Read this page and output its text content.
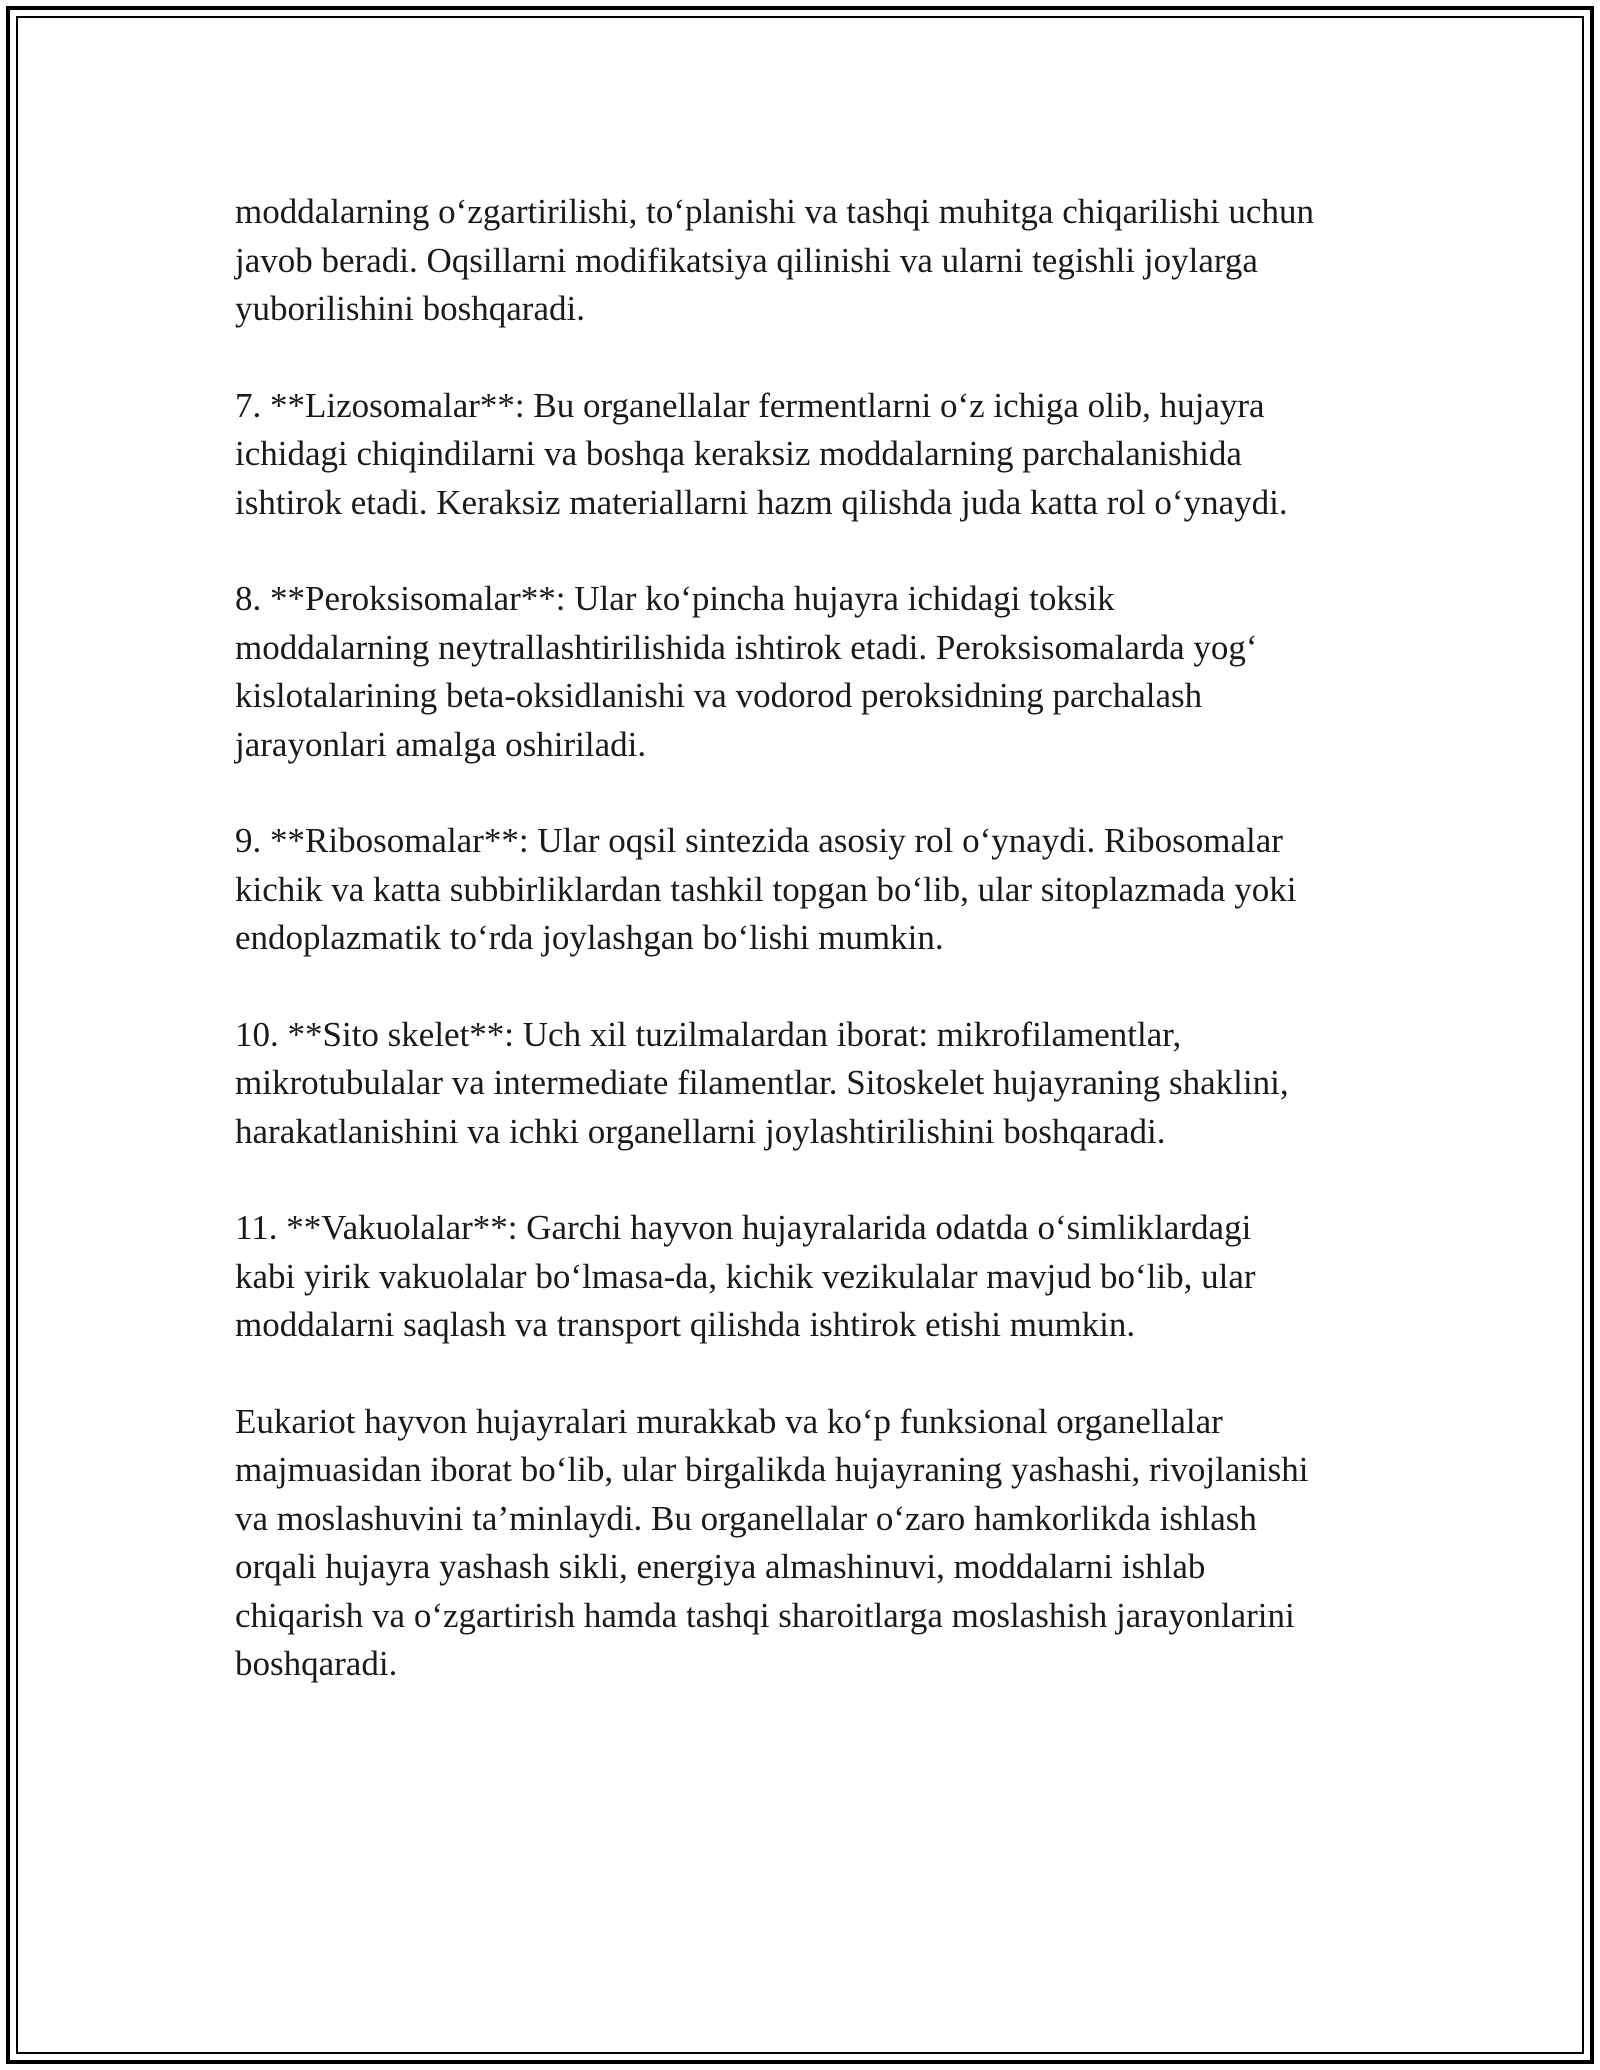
moddalarning o‘zgartirilishi, to‘planishi va tashqi muhitga chiqarilishi uchun
javob beradi. Oqsillarni modifikatsiya qilinishi va ularni tegishli joylarga
yuborilishini boshqaradi.

7. **Lizosomalar**: Bu organellalar fermentlarni o‘z ichiga olib, hujayra
ichidagi chiqindilarni va boshqa keraksiz moddalarning parchalanishida
ishtirok etadi. Keraksiz materiallarni hazm qilishda juda katta rol o‘ynaydi.

8. **Peroksisomalar**: Ular ko‘pincha hujayra ichidagi toksik
moddalarning neytrallashtirilishida ishtirok etadi. Peroksisomalarda yog‘
kislotalarining beta-oksidlanishi va vodorod peroksidning parchalash
jarayonlari amalga oshiriladi.

9. **Ribosomalar**: Ular oqsil sintezida asosiy rol o‘ynaydi. Ribosomalar
kichik va katta subbirliklardan tashkil topgan bo‘lib, ular sitoplazmada yoki
endoplazmatik to‘rda joylashgan bo‘lishi mumkin.

10. **Sito skelet**: Uch xil tuzilmalardan iborat: mikrofilamentlar,
mikrotubulalar va intermediate filamentlar. Sitoskelet hujayraning shaklini,
harakatlanishini va ichki organellarni joylashtirilishini boshqaradi.

11. **Vakuolalar**: Garchi hayvon hujayralarida odatda o‘simliklardagi
kabi yirik vakuolalar bo‘lmasa-da, kichik vezikulalar mavjud bo‘lib, ular
moddalarni saqlash va transport qilishda ishtirok etishi mumkin.

Eukariot hayvon hujayralari murakkab va ko‘p funksional organellalar
majmuasidan iborat bo‘lib, ular birgalikda hujayraning yashashi, rivojlanishi
va moslashuvini ta’minlaydi. Bu organellalar o‘zaro hamkorlikda ishlash
orqali hujayra yashash sikli, energiya almashinuvi, moddalarni ishlab
chiqarish va o‘zgartirish hamda tashqi sharoitlarga moslashish jarayonlarini
boshqaradi.
